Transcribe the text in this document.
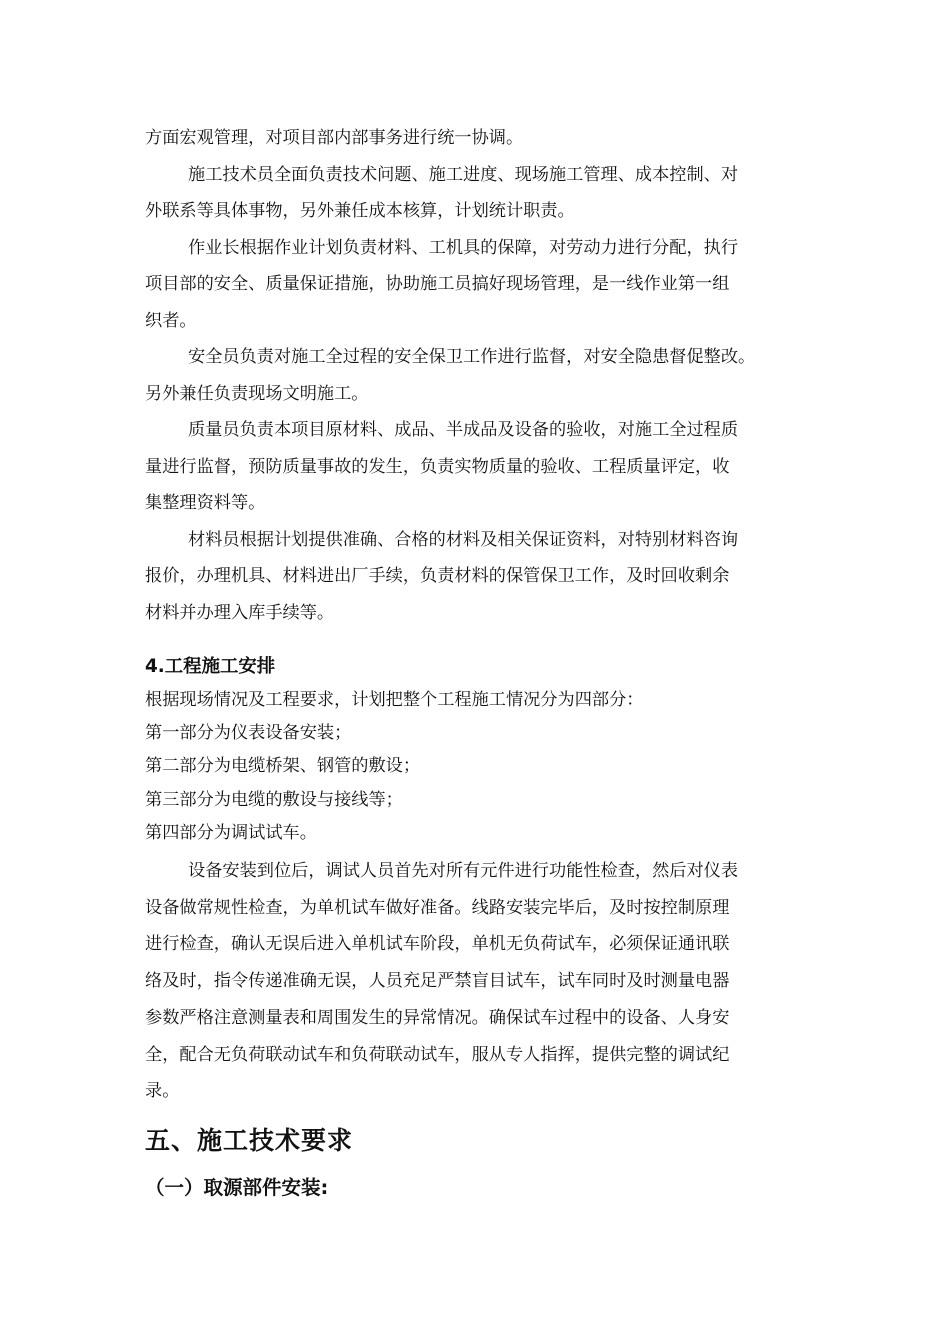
方面宏观管理，对项目部内部事务进行统一协调。
施工技术员全面负责技术问题、施工进度、现场施工管理、成本控制、对
外联系等具体事物，另外兼任成本核算，计划统计职责。
作业长根据作业计划负责材料、工机具的保障，对劳动力进行分配，执行
项目部的安全、质量保证措施，协助施工员搞好现场管理，是一线作业第一组
织者。
安全员负责对施工全过程的安全保卫工作进行监督，对安全隐患督促整改。
另外兼任负责现场文明施工。
质量员负责本项目原材料、成品、半成品及设备的验收，对施工全过程质
量进行监督，预防质量事故的发生，负责实物质量的验收、工程质量评定，收
集整理资料等。
材料员根据计划提供准确、合格的材料及相关保证资料，对特别材料咨询
报价，办理机具、材料进出厂手续，负责材料的保管保卫工作，及时回收剩余
材料并办理入库手续等。
4.工程施工安排
根据现场情况及工程要求，计划把整个工程施工情况分为四部分：
第一部分为仪表设备安装；
第二部分为电缆桥架、钢管的敷设；
第三部分为电缆的敷设与接线等；
第四部分为调试试车。
设备安装到位后，调试人员首先对所有元件进行功能性检查，然后对仪表
设备做常规性检查，为单机试车做好准备。线路安装完毕后，及时按控制原理
进行检查，确认无误后进入单机试车阶段，单机无负荷试车，必须保证通讯联
络及时，指令传递准确无误，人员充足严禁盲目试车，试车同时及时测量电器
参数严格注意测量表和周围发生的异常情况。确保试车过程中的设备、人身安
全，配合无负荷联动试车和负荷联动试车，服从专人指挥，提供完整的调试纪
录。
五、施工技术要求
（一）取源部件安装:
